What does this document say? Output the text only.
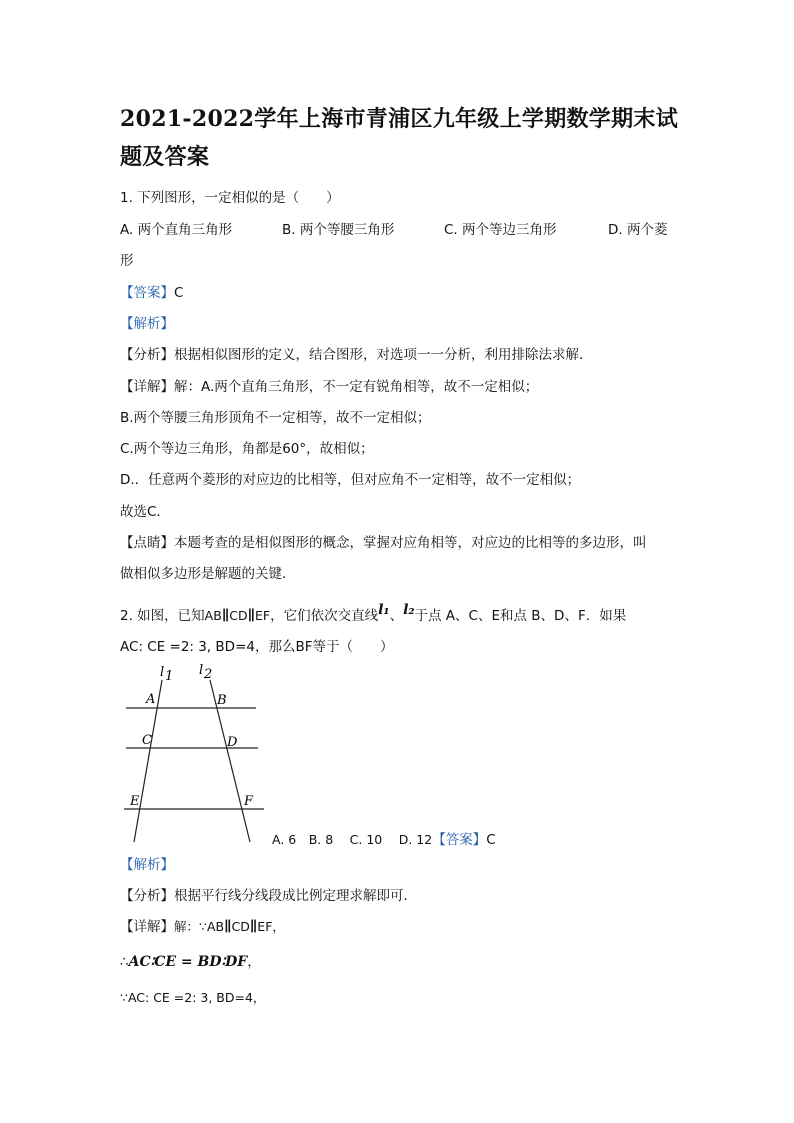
2021-2022学年上海市青浦区九年级上学期数学期末试题及答案
1. 下列图形，一定相似的是（　　）
A. 两个直角三角形	B. 两个等腰三角形	C. 两个等边三角形	D. 两个菱
形
【答案】C
【解析】
【分析】根据相似图形的定义，结合图形，对选项一一分析，利用排除法求解．
【详解】解：A.两个直角三角形，不一定有锐角相等，故不一定相似；
B.两个等腰三角形顶角不一定相等，故不一定相似；
C.两个等边三角形，角都是60°，故相似；
D.．任意两个菱形的对应边的比相等，但对应角不一定相等，故不一定相似；
故选C．
【点睛】本题考查的是相似图形的概念，掌握对应角相等，对应边的比相等的多边形，叫
做相似多边形是解题的关键．
2. 如图，已知AB∥CD∥EF，它们依次交直线l₁、l₂于点 A、C、E和点 B、D、F．如果
AC: CE =2: 3, BD=4，那么BF等于（　　）
l 1 l 2
A	B
C	D
E	F
A. 6　B. 8　 C. 10　 D. 12【答案】C
【解析】
【分析】根据平行线分线段成比例定理求解即可．
【详解】解：∵AB∥CD∥EF，
∴AC∶CE = BD∶DF，
∵AC: CE =2: 3, BD=4，
